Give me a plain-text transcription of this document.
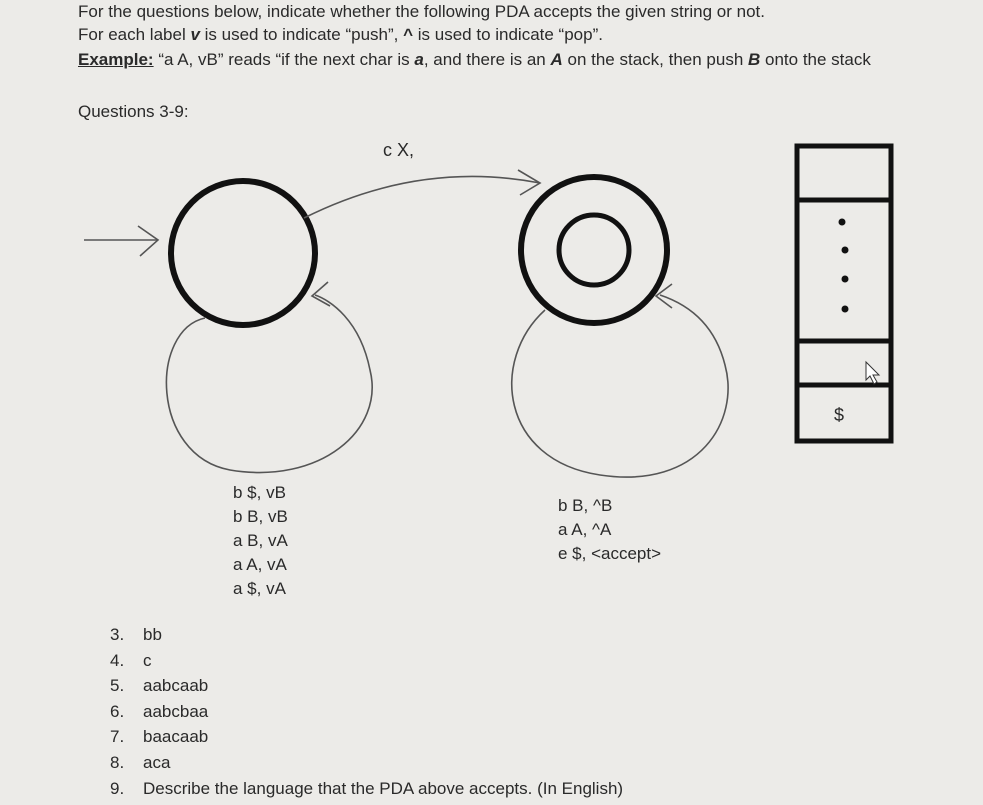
For the questions below, indicate whether the following PDA accepts the given string or not.
For each label v is used to indicate “push”, ^ is used to indicate “pop”.
Example: “a A, vB” reads “if the next char is a, and there is an A on the stack, then push B onto the stack
Questions 3-9:
$
c X,
b $, vB
b B, vB
a B, vA
a A, vA
a $, vA
b B, ^B
a A, ^A
e $, <accept>
3. bb
4. c
5. aabcaab
6. aabcbaa
7. baacaab
8. aca
9. Describe the language that the PDA above accepts. (In English)
